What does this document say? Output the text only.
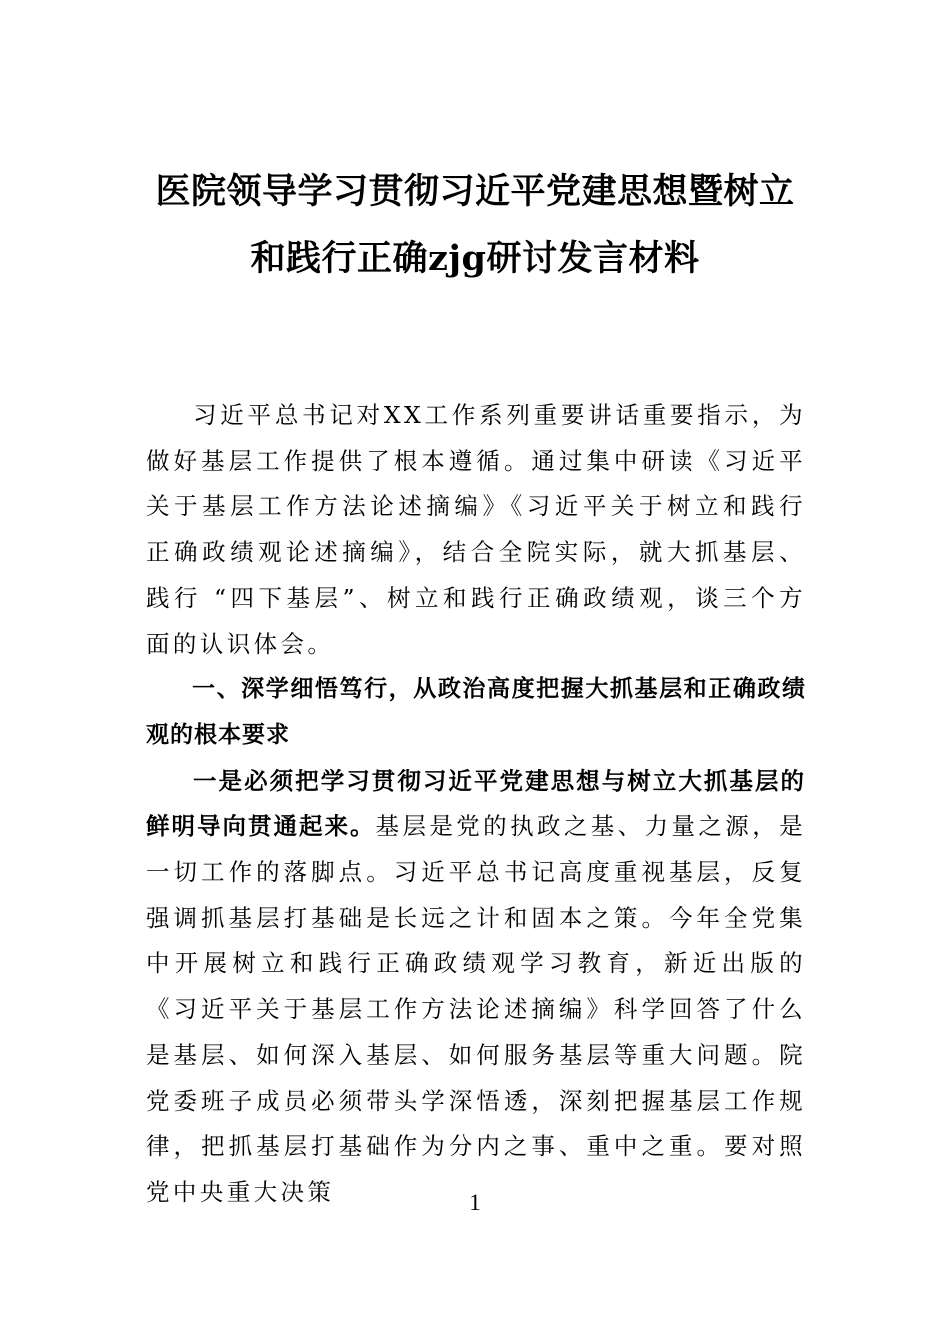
医院领导学习贯彻习近平党建思想暨树立
和践行正确zjg研讨发言材料

习近平总书记对XX工作系列重要讲话重要指示，为做好基层工作提供了根本遵循。通过集中研读《习近平关于基层工作方法论述摘编》《习近平关于树立和践行正确政绩观论述摘编》，结合全院实际，就大抓基层、践行 “四下基层”、树立和践行正确政绩观，谈三个方面的认识体会。

一、深学细悟笃行，从政治高度把握大抓基层和正确政绩观的根本要求

一是必须把学习贯彻习近平党建思想与树立大抓基层的鲜明导向贯通起来。基层是党的执政之基、力量之源，是一切工作的落脚点。习近平总书记高度重视基层，反复强调抓基层打基础是长远之计和固本之策。今年全党集中开展树立和践行正确政绩观学习教育，新近出版的《习近平关于基层工作方法论述摘编》科学回答了什么是基层、如何深入基层、如何服务基层等重大问题。院党委班子成员必须带头学深悟透，深刻把握基层工作规律，把抓基层打基础作为分内之事、重中之重。要对照党中央重大决策	1
